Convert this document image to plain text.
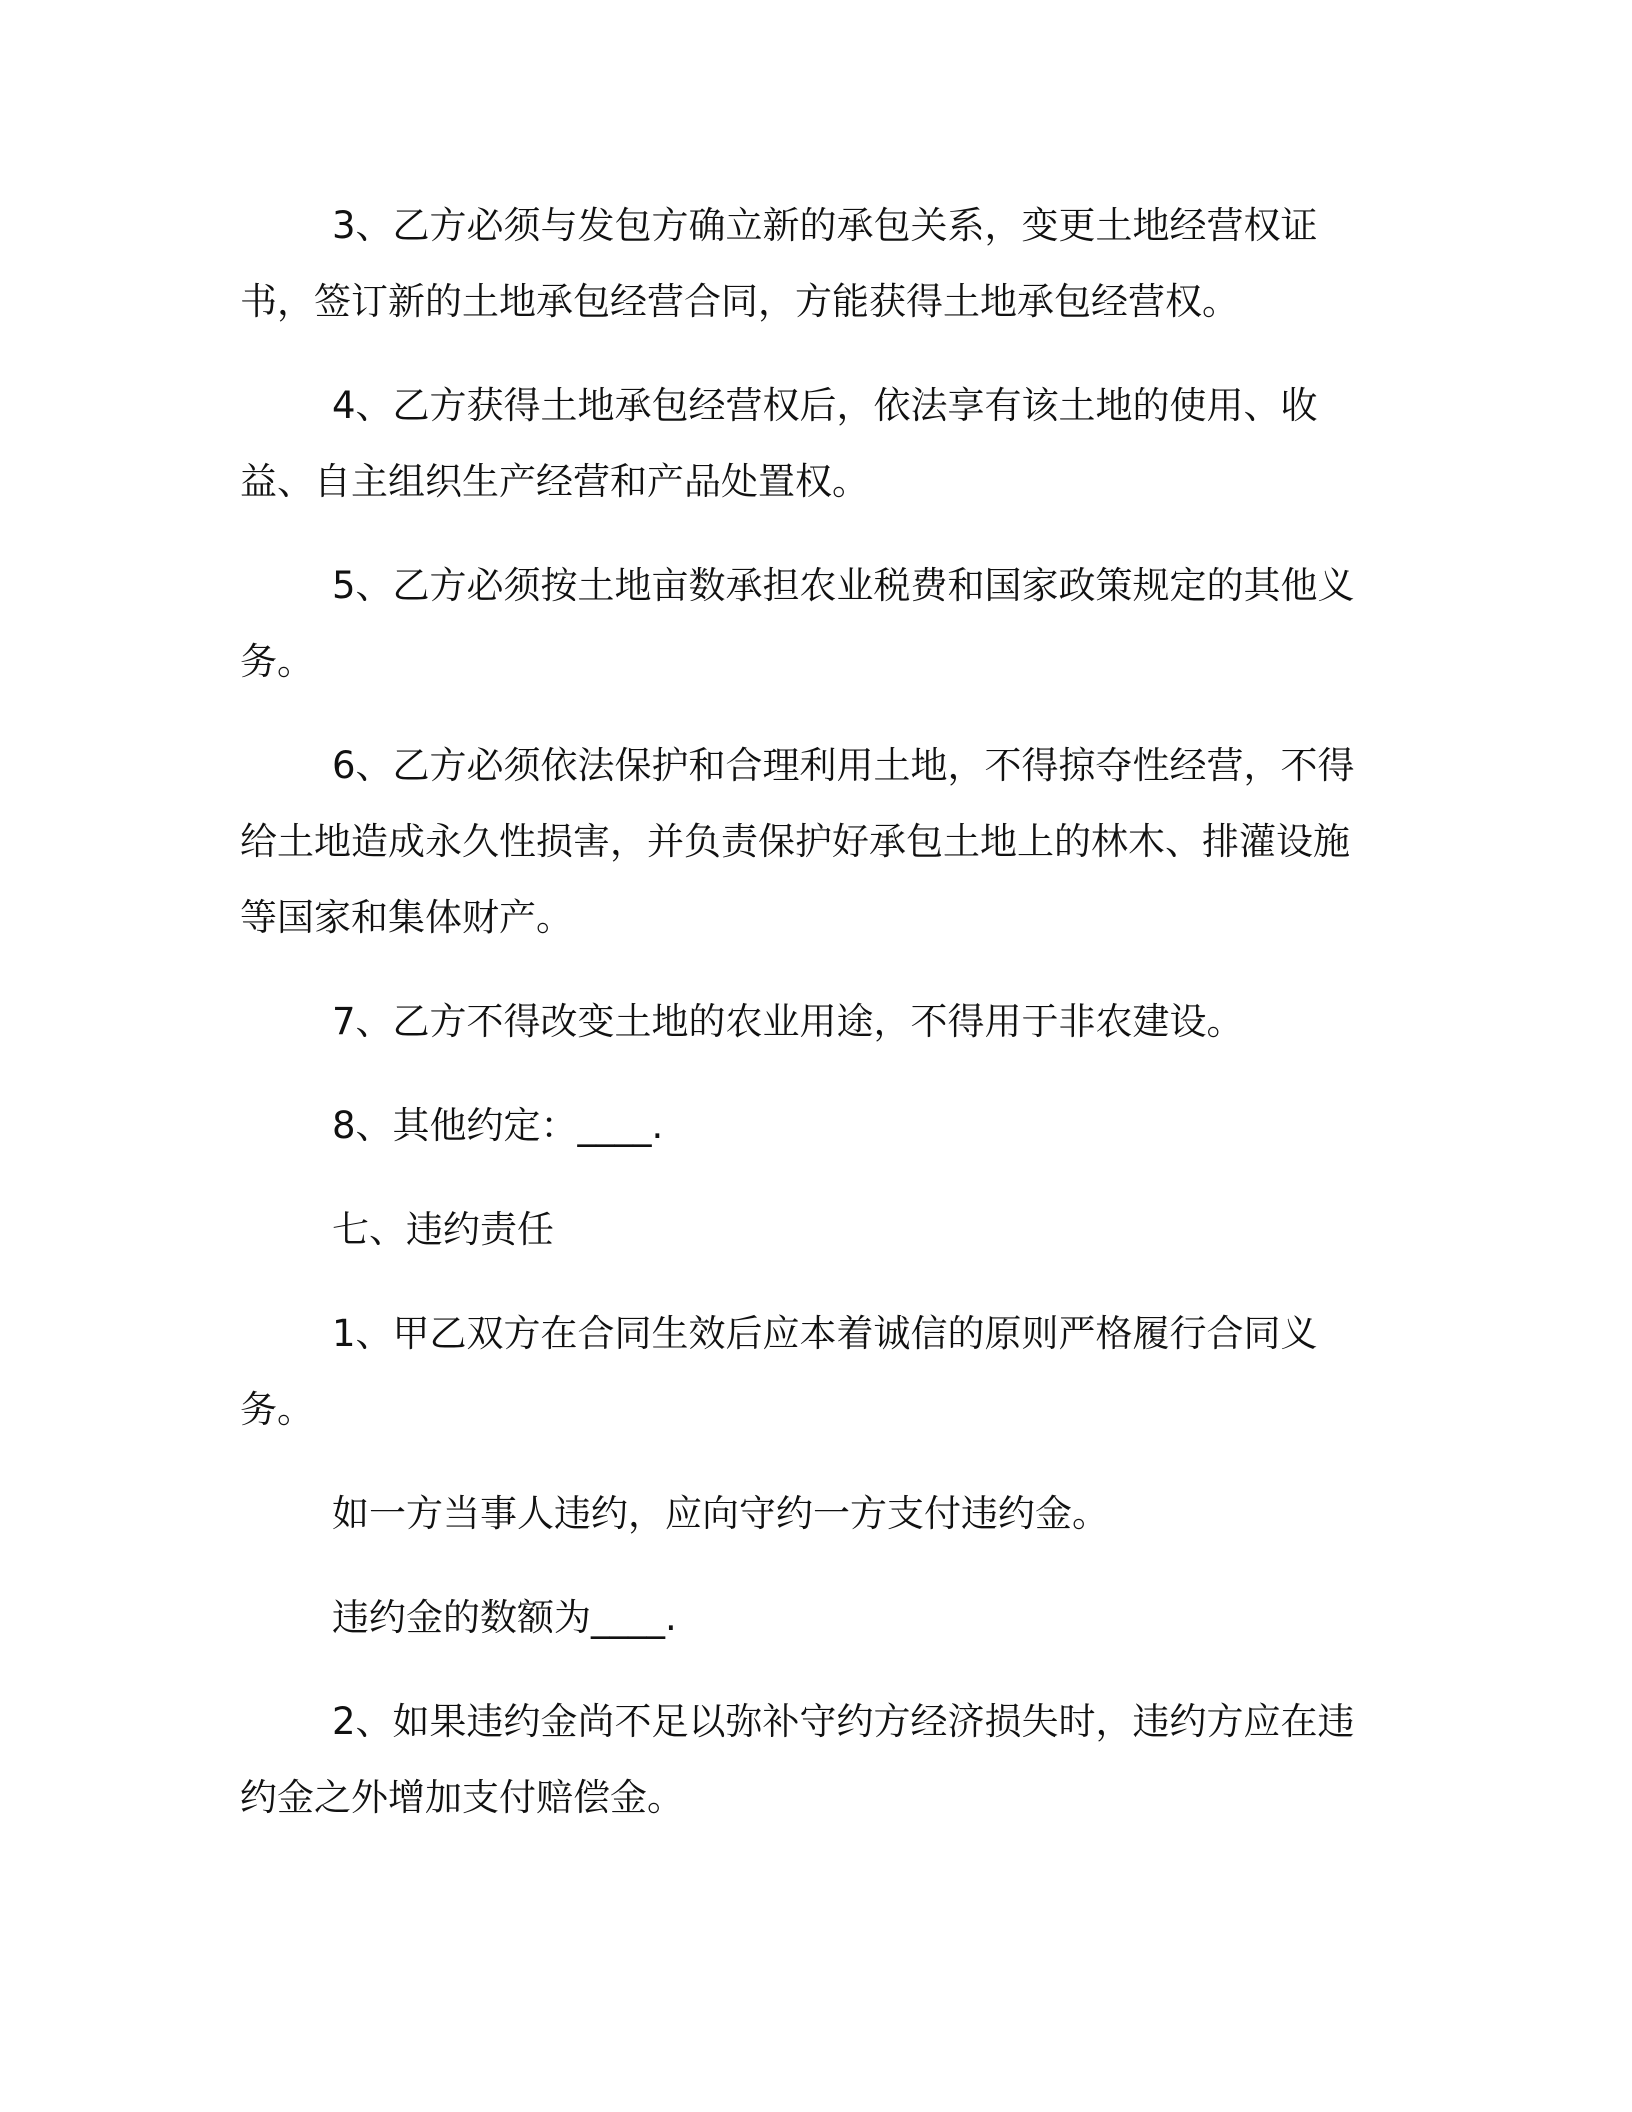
3、乙方必须与发包方确立新的承包关系，变更土地经营权证书，签订新的土地承包经营合同，方能获得土地承包经营权。

4、乙方获得土地承包经营权后，依法享有该土地的使用、收益、自主组织生产经营和产品处置权。

5、乙方必须按土地亩数承担农业税费和国家政策规定的其他义务。

6、乙方必须依法保护和合理利用土地，不得掠夺性经营，不得给土地造成永久性损害，并负责保护好承包土地上的林木、排灌设施等国家和集体财产。

7、乙方不得改变土地的农业用途，不得用于非农建设。

8、其他约定：____.

七、违约责任

1、甲乙双方在合同生效后应本着诚信的原则严格履行合同义务。

如一方当事人违约，应向守约一方支付违约金。

违约金的数额为____.

2、如果违约金尚不足以弥补守约方经济损失时，违约方应在违约金之外增加支付赔偿金。
